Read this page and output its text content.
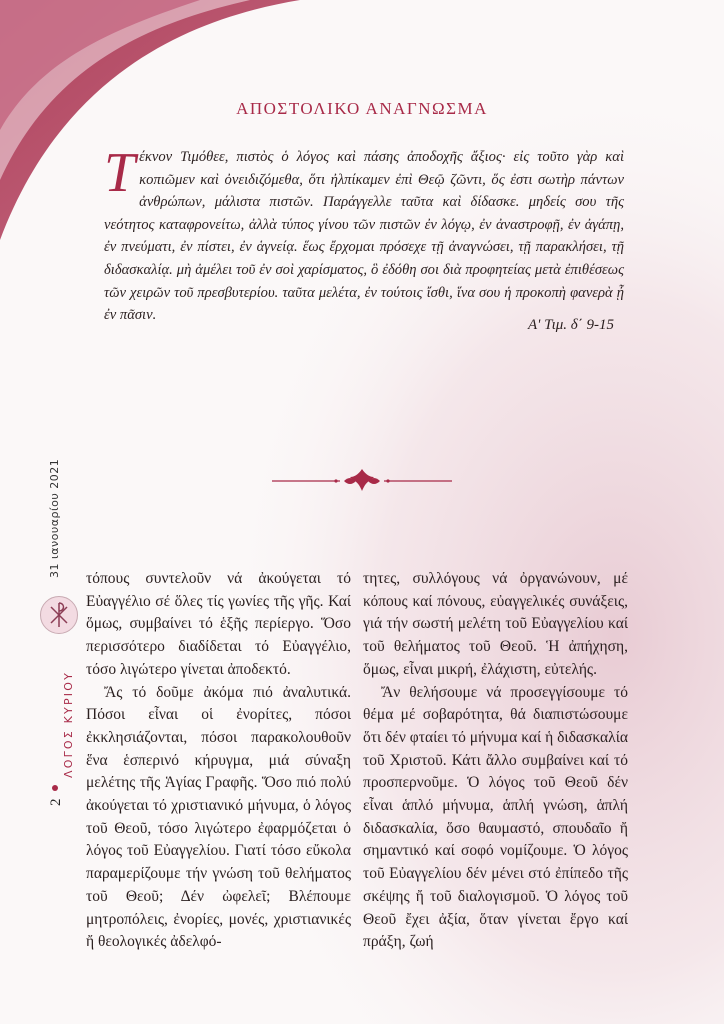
ΑΠΟΣΤΟΛΙΚΟ ΑΝΑΓΝΩΣΜΑ
Τ έκνον Τιμόθεε, πιστὸς ὁ λόγος καὶ πάσης ἀποδοχῆς ἄξιος· εἰς τοῦτο γὰρ καὶ κοπιῶμεν καὶ ὀνειδιζόμεθα, ὅτι ἠλπίκαμεν ἐπὶ Θεῷ ζῶντι, ὅς ἐστι σωτὴρ πάντων ἀνθρώπων, μάλιστα πιστῶν. Παράγγελλε ταῦτα καὶ δίδασκε. μηδείς σου τῆς νεότητος καταφρονείτω, ἀλλὰ τύπος γίνου τῶν πιστῶν ἐν λόγῳ, ἐν ἀναστροφῇ, ἐν ἀγάπῃ, ἐν πνεύματι, ἐν πίστει, ἐν ἁγνείᾳ. ἕως ἔρχομαι πρόσεχε τῇ ἀναγνώσει, τῇ παρακλήσει, τῇ διδασκαλίᾳ. μὴ ἀμέλει τοῦ ἐν σοὶ χαρίσματος, ὃ ἐδόθη σοι διὰ προφητείας μετὰ ἐπιθέσεως τῶν χειρῶν τοῦ πρεσβυτερίου. ταῦτα μελέτα, ἐν τούτοις ἴσθι, ἵνα σου ἡ προκοπὴ φανερὰ ᾖ ἐν πᾶσιν.
Α' Τιμ. δ΄ 9-15
31 ιανουαρίου 2021
ΛΟΓΟΣ ΚΥΡΙΟΥ
2

τόπους συντελοῦν νά ἀκούγεται τό Εὐαγγέλιο σέ ὅλες τίς γωνίες τῆς γῆς. Καί ὅμως, συμβαίνει τό ἑξῆς περίεργο. Ὅσο περισσότερο διαδίδεται τό Εὐαγγέλιο, τόσο λιγώτερο γίνεται ἀποδεκτό.

Ἄς τό δοῦμε ἀκόμα πιό ἀναλυτικά. Πόσοι εἶναι οἱ ἐνορίτες, πόσοι ἐκκλησιάζονται, πόσοι παρακολουθοῦν ἕνα ἑσπερινό κήρυγμα, μιά σύναξη μελέτης τῆς Ἁγίας Γραφῆς. Ὅσο πιό πολύ ἀκούγεται τό χριστιανικό μήνυμα, ὁ λόγος τοῦ Θεοῦ, τόσο λιγώτερο ἐφαρμόζεται ὁ λόγος τοῦ Εὐαγγελίου. Γιατί τόσο εὔκολα παραμερίζουμε τήν γνώση τοῦ θελήματος τοῦ Θεοῦ; Δέν ὠφελεῖ; Βλέπουμε μητροπόλεις, ἐνορίες, μονές, χριστιανικές ἤ θεολογικές ἀδελφό-

τητες, συλλόγους νά ὀργανώνουν, μέ κόπους καί πόνους, εὐαγγελικές συνάξεις, γιά τήν σωστή μελέτη τοῦ Εὐαγγελίου καί τοῦ θελήματος τοῦ Θεοῦ. Ἡ ἀπήχηση, ὅμως, εἶναι μικρή, ἐλάχιστη, εὐτελής.

Ἄν θελήσουμε νά προσεγγίσουμε τό θέμα μέ σοβαρότητα, θά διαπιστώσουμε ὅτι δέν φταίει τό μήνυμα καί ἡ διδασκαλία τοῦ Χριστοῦ. Κάτι ἄλλο συμβαίνει καί τό προσπερνοῦμε. Ὁ λόγος τοῦ Θεοῦ δέν εἶναι ἁπλό μήνυμα, ἁπλή γνώση, ἁπλή διδασκαλία, ὅσο θαυμαστό, σπουδαῖο ἤ σημαντικό καί σοφό νομίζουμε. Ὁ λόγος τοῦ Εὐαγγελίου δέν μένει στό ἐπίπεδο τῆς σκέψης ἤ τοῦ διαλογισμοῦ. Ὁ λόγος τοῦ Θεοῦ ἔχει ἀξία, ὅταν γίνεται ἔργο καί πράξη, ζωή
